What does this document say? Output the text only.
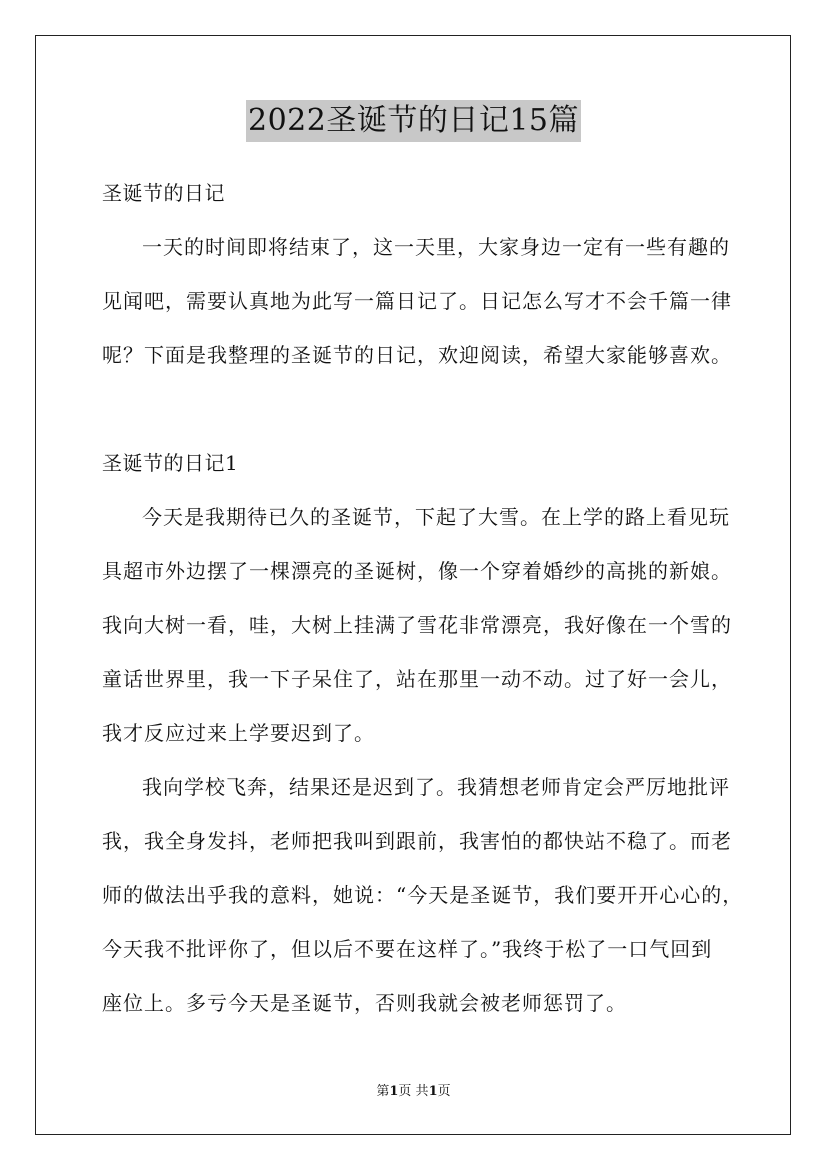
2022圣诞节的日记15篇
圣诞节的日记
一天的时间即将结束了，这一天里，大家身边一定有一些有趣的
见闻吧，需要认真地为此写一篇日记了。日记怎么写才不会千篇一律
呢？下面是我整理的圣诞节的日记，欢迎阅读，希望大家能够喜欢。
圣诞节的日记1
今天是我期待已久的圣诞节，下起了大雪。在上学的路上看见玩
具超市外边摆了一棵漂亮的圣诞树，像一个穿着婚纱的高挑的新娘。
我向大树一看，哇，大树上挂满了雪花非常漂亮，我好像在一个雪的
童话世界里，我一下子呆住了，站在那里一动不动。过了好一会儿，
我才反应过来上学要迟到了。
我向学校飞奔，结果还是迟到了。我猜想老师肯定会严厉地批评
我，我全身发抖，老师把我叫到跟前，我害怕的都快站不稳了。而老
师的做法出乎我的意料，她说：“今天是圣诞节，我们要开开心心的，
今天我不批评你了，但以后不要在这样了。”我终于松了一口气回到
座位上。多亏今天是圣诞节，否则我就会被老师惩罚了。
第1页 共1页
